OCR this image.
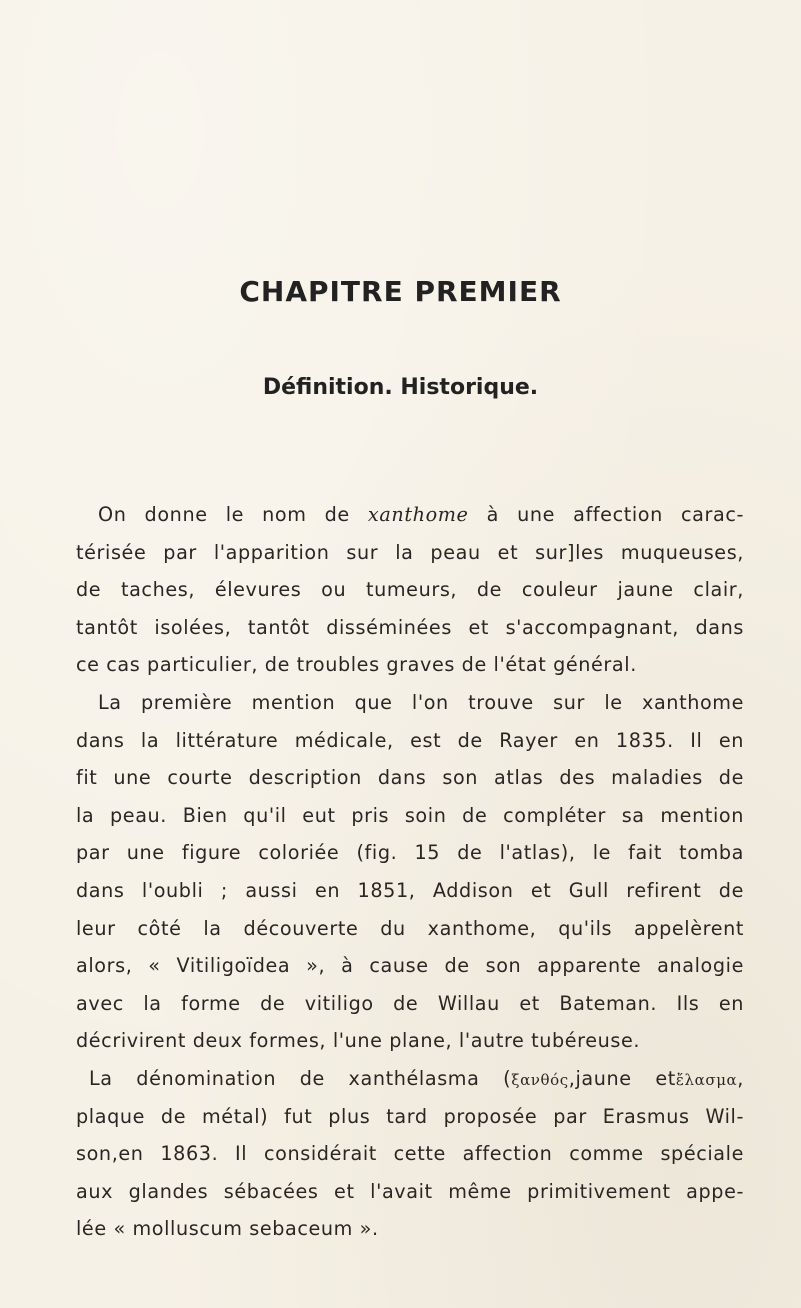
CHAPITRE PREMIER
Définition. Historique.
On donne le nom de xanthome à une affection carac-
térisée par l'apparition sur la peau et sur]les muqueuses,
de taches, élevures ou tumeurs, de couleur jaune clair,
tantôt isolées, tantôt disséminées et s'accompagnant, dans
ce cas particulier, de troubles graves de l'état général.
La première mention que l'on trouve sur le xanthome
dans la littérature médicale, est de Rayer en 1835. Il en
fit une courte description dans son atlas des maladies de
la peau. Bien qu'il eut pris soin de compléter sa mention
par une figure coloriée (fig. 15 de l'atlas), le fait tomba
dans l'oubli ; aussi en 1851, Addison et Gull refirent de
leur côté la découverte du xanthome, qu'ils appelèrent
alors, « Vitiligoïdea », à cause de son apparente analogie
avec la forme de vitiligo de Willau et Bateman. Ils en
décrivirent deux formes, l'une plane, l'autre tubéreuse.
La dénomination de xanthélasma (ξανθός,jaune etἔλασμα,
plaque de métal) fut plus tard proposée par Erasmus Wil-
son,en 1863. Il considérait cette affection comme spéciale
aux glandes sébacées et l'avait même primitivement appe-
lée « molluscum sebaceum ».
